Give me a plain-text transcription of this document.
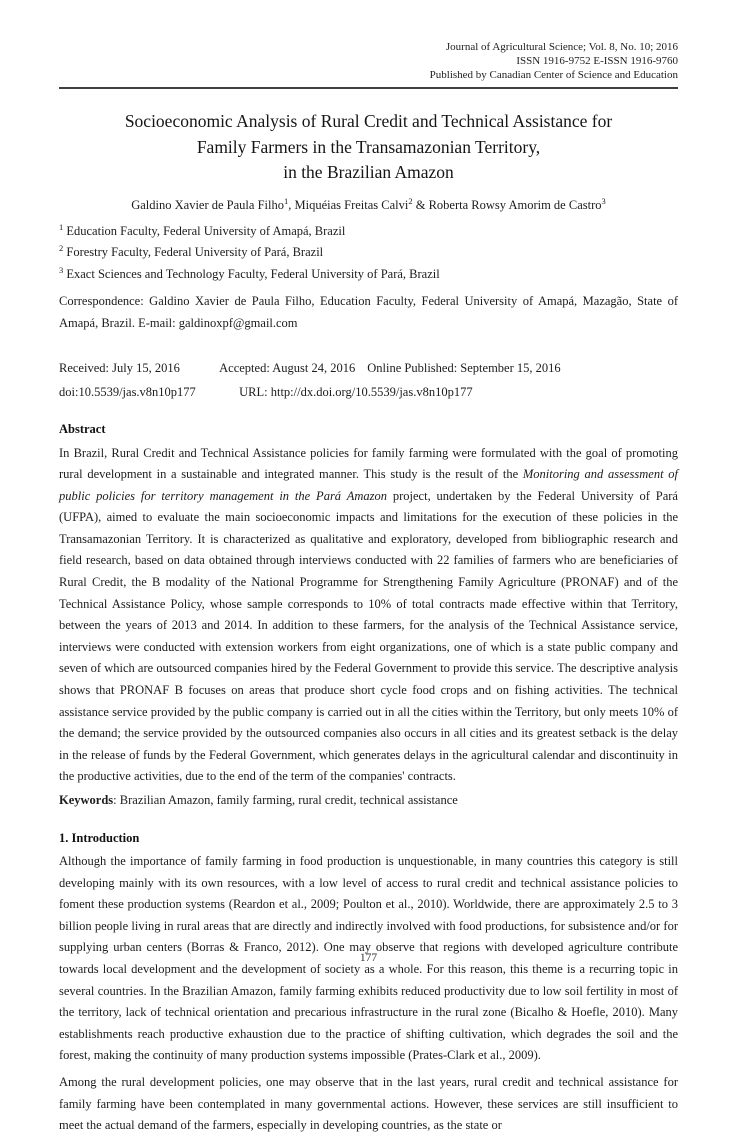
Journal of Agricultural Science; Vol. 8, No. 10; 2016
ISSN 1916-9752 E-ISSN 1916-9760
Published by Canadian Center of Science and Education
Socioeconomic Analysis of Rural Credit and Technical Assistance for
Family Farmers in the Transamazonian Territory,
in the Brazilian Amazon
Galdino Xavier de Paula Filho$^1$, Miquéias Freitas Calvi$^2$ & Roberta Rowsy Amorim de Castro$^3$
$^1$ Education Faculty, Federal University of Amapá, Brazil
$^2$ Forestry Faculty, Federal University of Pará, Brazil
$^3$ Exact Sciences and Technology Faculty, Federal University of Pará, Brazil
Correspondence: Galdino Xavier de Paula Filho, Education Faculty, Federal University of Amapá, Mazagão, State of Amapá, Brazil. E-mail: galdinoxpf@gmail.com
Received: July 15, 2016	Accepted: August 24, 2016 Online Published: September 15, 2016
doi:10.5539/jas.v8n10p177	URL: http://dx.doi.org/10.5539/jas.v8n10p177
Abstract

In Brazil, Rural Credit and Technical Assistance policies for family farming were formulated with the goal of promoting rural development in a sustainable and integrated manner. This study is the result of the Monitoring and assessment of public policies for territory management in the Pará Amazon project, undertaken by the Federal University of Pará (UFPA), aimed to evaluate the main socioeconomic impacts and limitations for the execution of these policies in the Transamazonian Territory. It is characterized as qualitative and exploratory, developed from bibliographic research and field research, based on data obtained through interviews conducted with 22 families of farmers who are beneficiaries of Rural Credit, the B modality of the National Programme for Strengthening Family Agriculture (PRONAF) and of the Technical Assistance Policy, whose sample corresponds to 10% of total contracts made effective within that Territory, between the years of 2013 and 2014. In addition to these farmers, for the analysis of the Technical Assistance service, interviews were conducted with extension workers from eight organizations, one of which is a state public company and seven of which are outsourced companies hired by the Federal Government to provide this service. The descriptive analysis shows that PRONAF B focuses on areas that produce short cycle food crops and on fishing activities. The technical assistance service provided by the public company is carried out in all the cities within the Territory, but only meets 10% of the demand; the service provided by the outsourced companies also occurs in all cities and its greatest setback is the delay in the release of funds by the Federal Government, which generates delays in the agricultural calendar and discontinuity in the productive activities, due to the end of the term of the companies' contracts.

Keywords: Brazilian Amazon, family farming, rural credit, technical assistance
1. Introduction

Although the importance of family farming in food production is unquestionable, in many countries this category is still developing mainly with its own resources, with a low level of access to rural credit and technical assistance policies to foment these production systems (Reardon et al., 2009; Poulton et al., 2010). Worldwide, there are approximately 2.5 to 3 billion people living in rural areas that are directly and indirectly involved with food productions, for subsistence and/or for supplying urban centers (Borras & Franco, 2012). One may observe that regions with developed agriculture contribute towards local development and the development of society as a whole. For this reason, this theme is a recurring topic in several countries. In the Brazilian Amazon, family farming exhibits reduced productivity due to low soil fertility in most of the territory, lack of technical orientation and precarious infrastructure in the rural zone (Bicalho & Hoefle, 2010). Many establishments reach productive exhaustion due to the practice of shifting cultivation, which degrades the soil and the forest, making the continuity of many production systems impossible (Prates-Clark et al., 2009).

Among the rural development policies, one may observe that in the last years, rural credit and technical assistance for family farming have been contemplated in many governmental actions. However, these services are still insufficient to meet the actual demand of the farmers, especially in developing countries, as the state or

177
